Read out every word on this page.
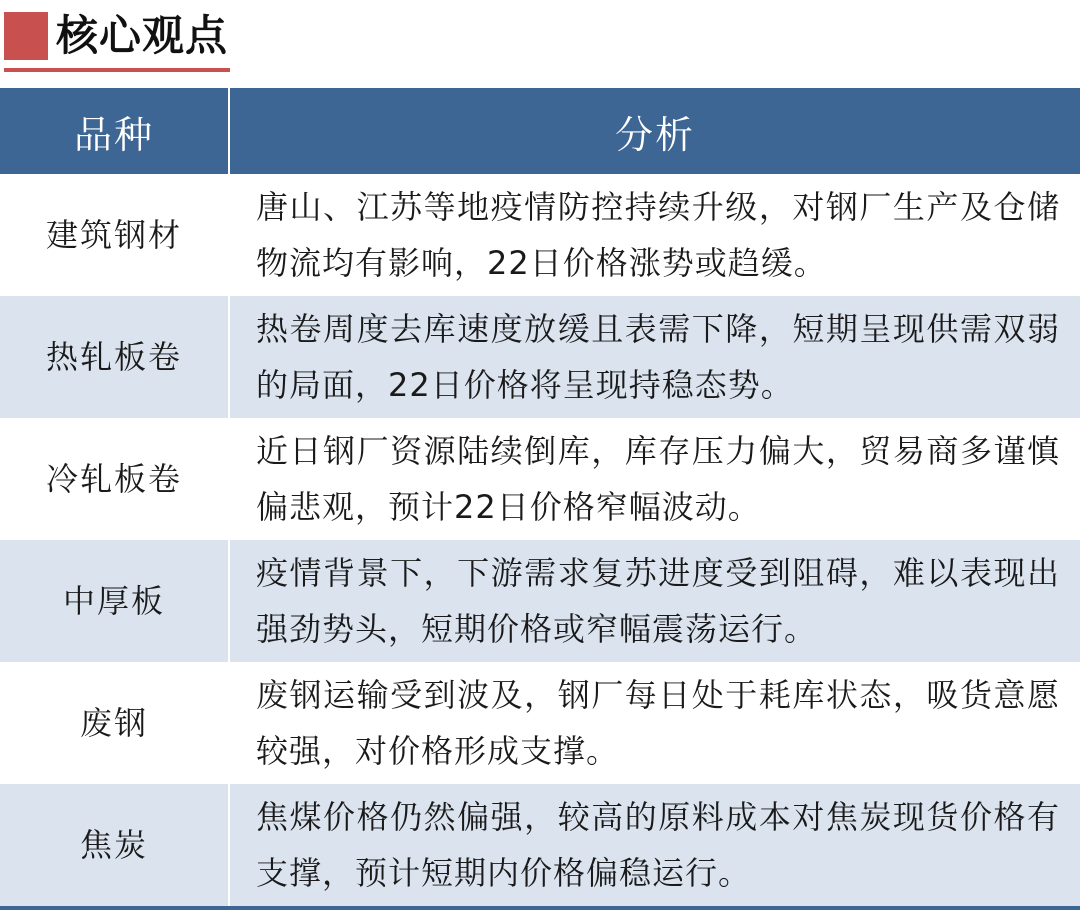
核心观点
品种	分析
建筑钢材	唐山、江苏等地疫情防控持续升级，对钢厂生产及仓储物流均有影响，22日价格涨势或趋缓。
热轧板卷	热卷周度去库速度放缓且表需下降，短期呈现供需双弱的局面，22日价格将呈现持稳态势。
冷轧板卷	近日钢厂资源陆续倒库，库存压力偏大，贸易商多谨慎偏悲观，预计22日价格窄幅波动。
中厚板	疫情背景下，下游需求复苏进度受到阻碍，难以表现出强劲势头，短期价格或窄幅震荡运行。
废钢	废钢运输受到波及，钢厂每日处于耗库状态，吸货意愿较强，对价格形成支撑。
焦炭	焦煤价格仍然偏强，较高的原料成本对焦炭现货价格有支撑，预计短期内价格偏稳运行。
